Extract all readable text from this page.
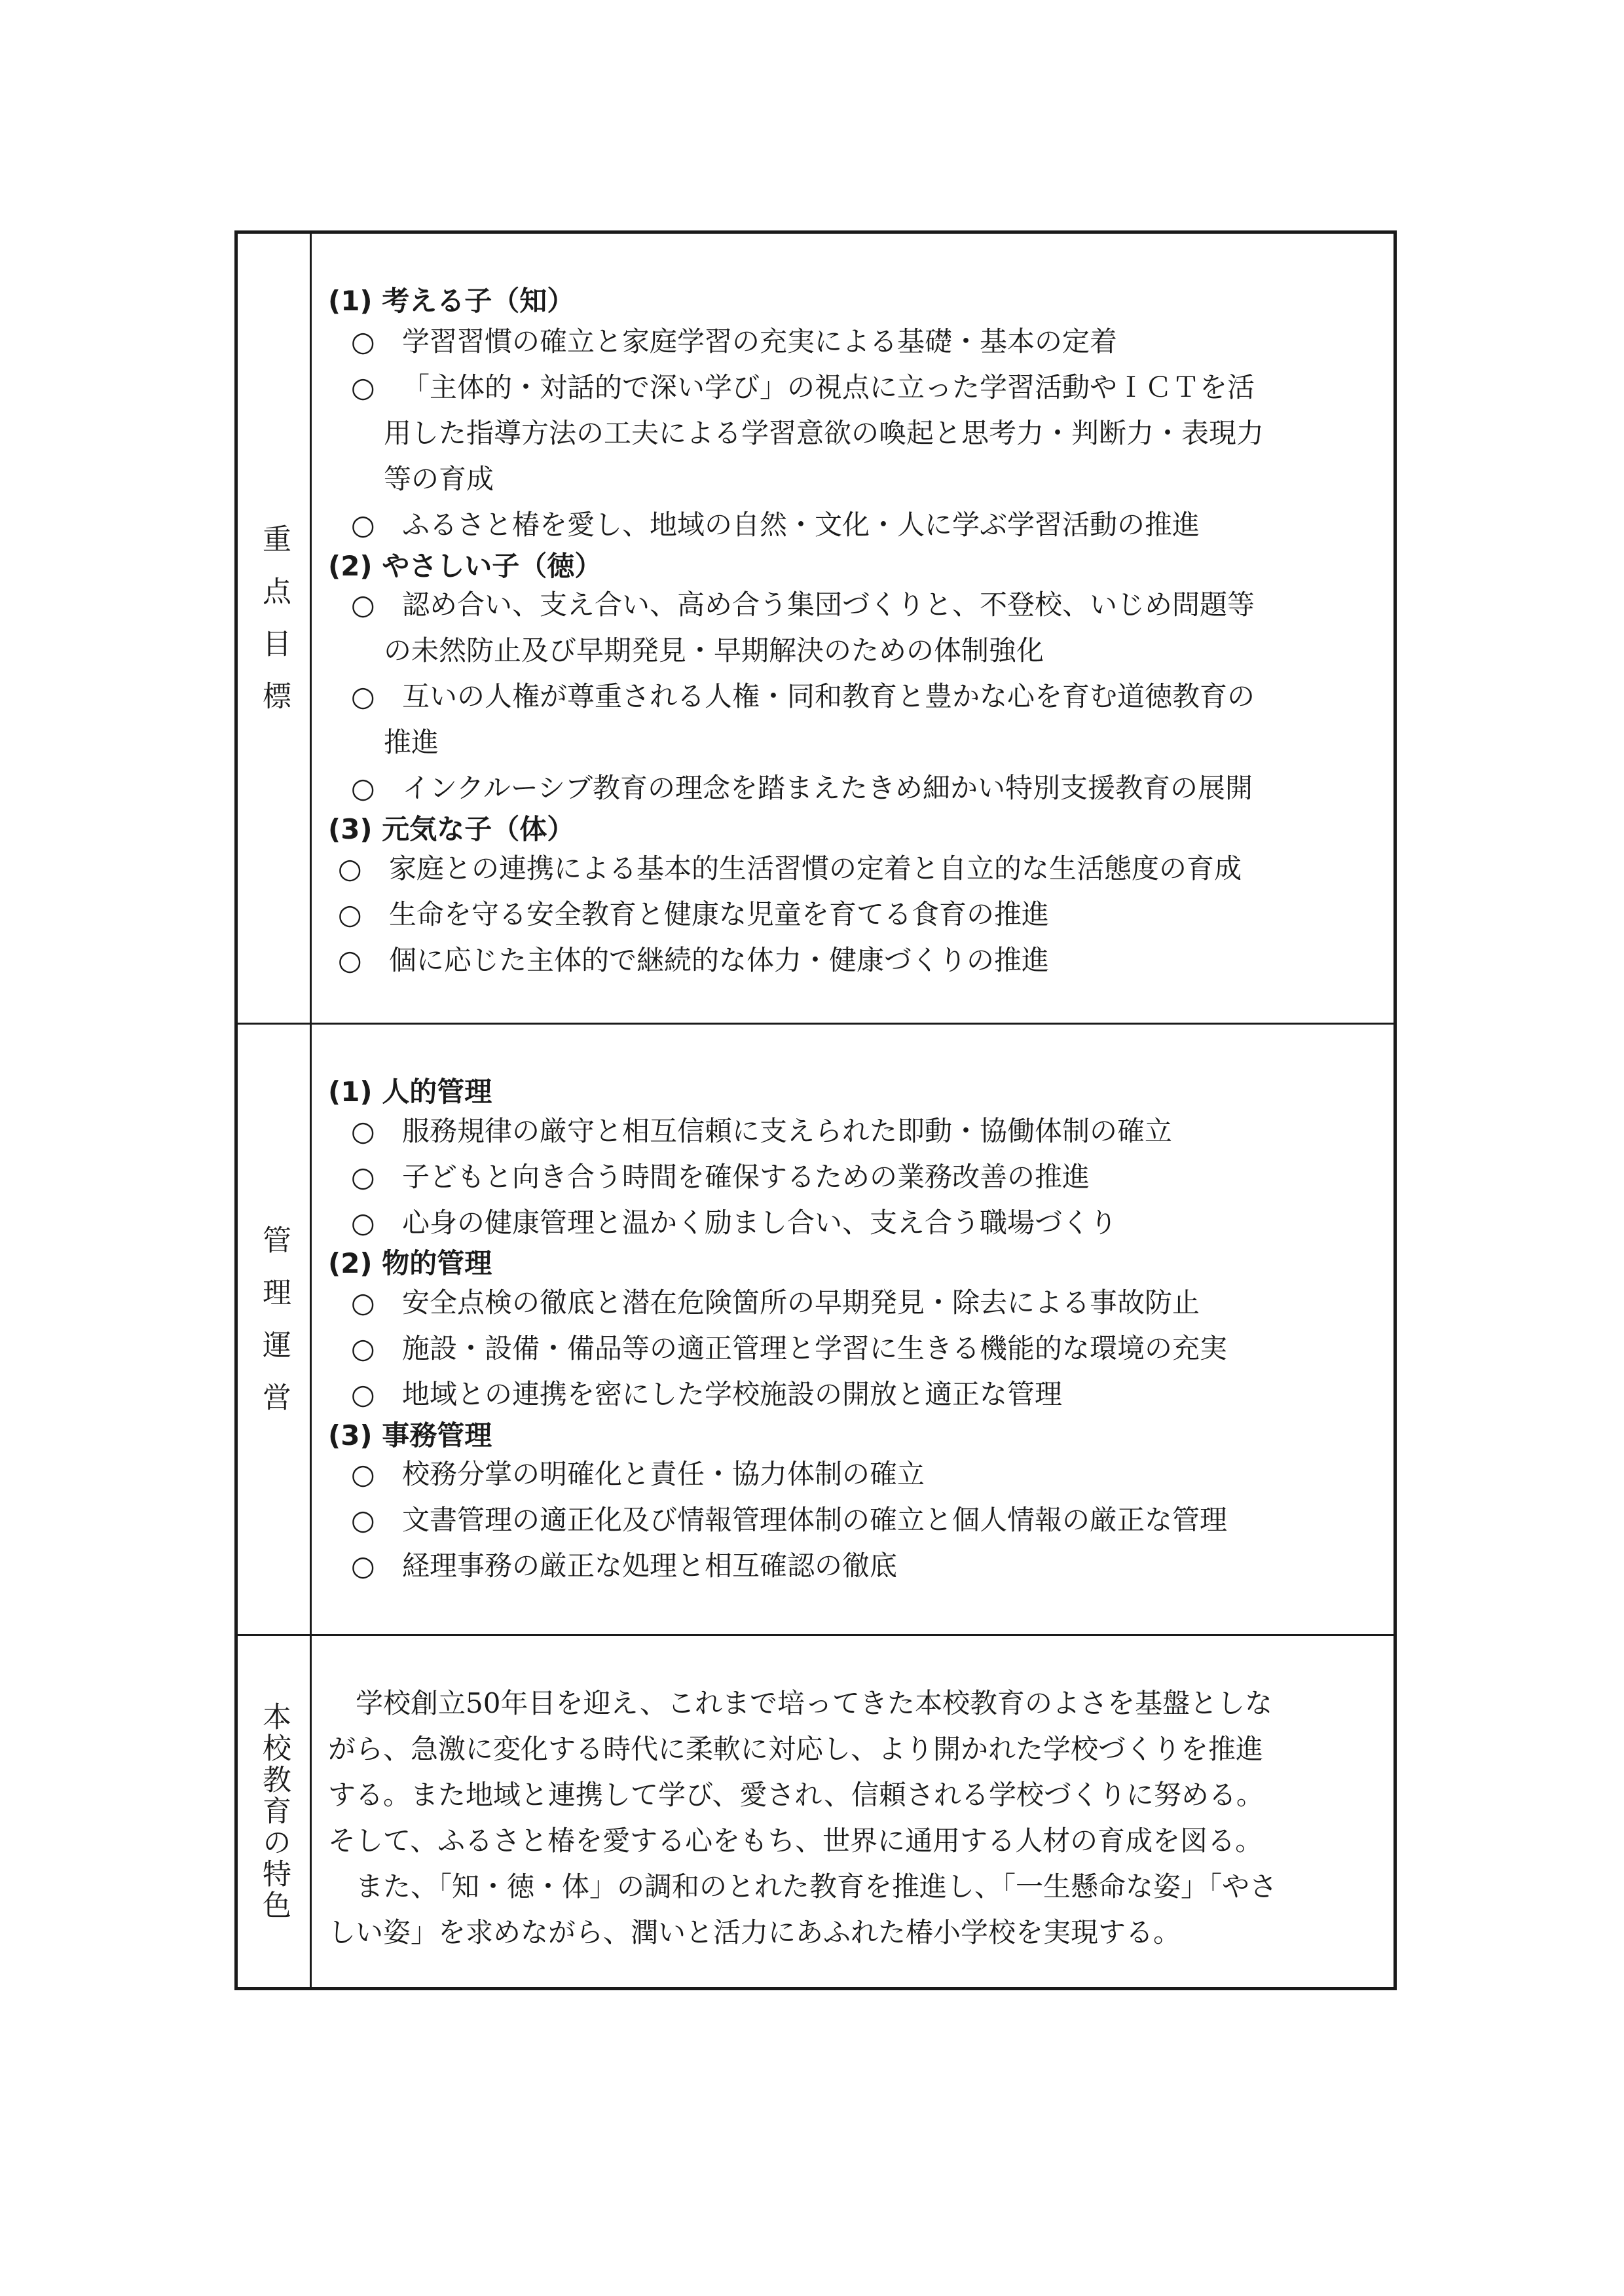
重点目標
(1) 考える子（知）
○ 学習習慣の確立と家庭学習の充実による基礎・基本の定着
○ 「主体的・対話的で深い学び」の視点に立った学習活動やＩＣＴを活
用した指導方法の工夫による学習意欲の喚起と思考力・判断力・表現力
等の育成
○ ふるさと椿を愛し、地域の自然・文化・人に学ぶ学習活動の推進
(2) やさしい子（徳）
○ 認め合い、支え合い、高め合う集団づくりと、不登校、いじめ問題等
の未然防止及び早期発見・早期解決のための体制強化
○ 互いの人権が尊重される人権・同和教育と豊かな心を育む道徳教育の
推進
○ インクルーシブ教育の理念を踏まえたきめ細かい特別支援教育の展開
(3) 元気な子（体）
○ 家庭との連携による基本的生活習慣の定着と自立的な生活態度の育成
○ 生命を守る安全教育と健康な児童を育てる食育の推進
○ 個に応じた主体的で継続的な体力・健康づくりの推進
管理運営
(1) 人的管理
○ 服務規律の厳守と相互信頼に支えられた即動・協働体制の確立
○ 子どもと向き合う時間を確保するための業務改善の推進
○ 心身の健康管理と温かく励まし合い、支え合う職場づくり
(2) 物的管理
○ 安全点検の徹底と潜在危険箇所の早期発見・除去による事故防止
○ 施設・設備・備品等の適正管理と学習に生きる機能的な環境の充実
○ 地域との連携を密にした学校施設の開放と適正な管理
(3) 事務管理
○ 校務分掌の明確化と責任・協力体制の確立
○ 文書管理の適正化及び情報管理体制の確立と個人情報の厳正な管理
○ 経理事務の厳正な処理と相互確認の徹底
本校教育の特色 　学校創立50年目を迎え、これまで培ってきた本校教育のよさを基盤としな
がら、急激に変化する時代に柔軟に対応し、より開かれた学校づくりを推進
する。また地域と連携して学び、愛され、信頼される学校づくりに努める。
そして、ふるさと椿を愛する心をもち、世界に通用する人材の育成を図る。
　また、「知・徳・体」の調和のとれた教育を推進し、「一生懸命な姿」「やさ
しい姿」を求めながら、潤いと活力にあふれた椿小学校を実現する。
